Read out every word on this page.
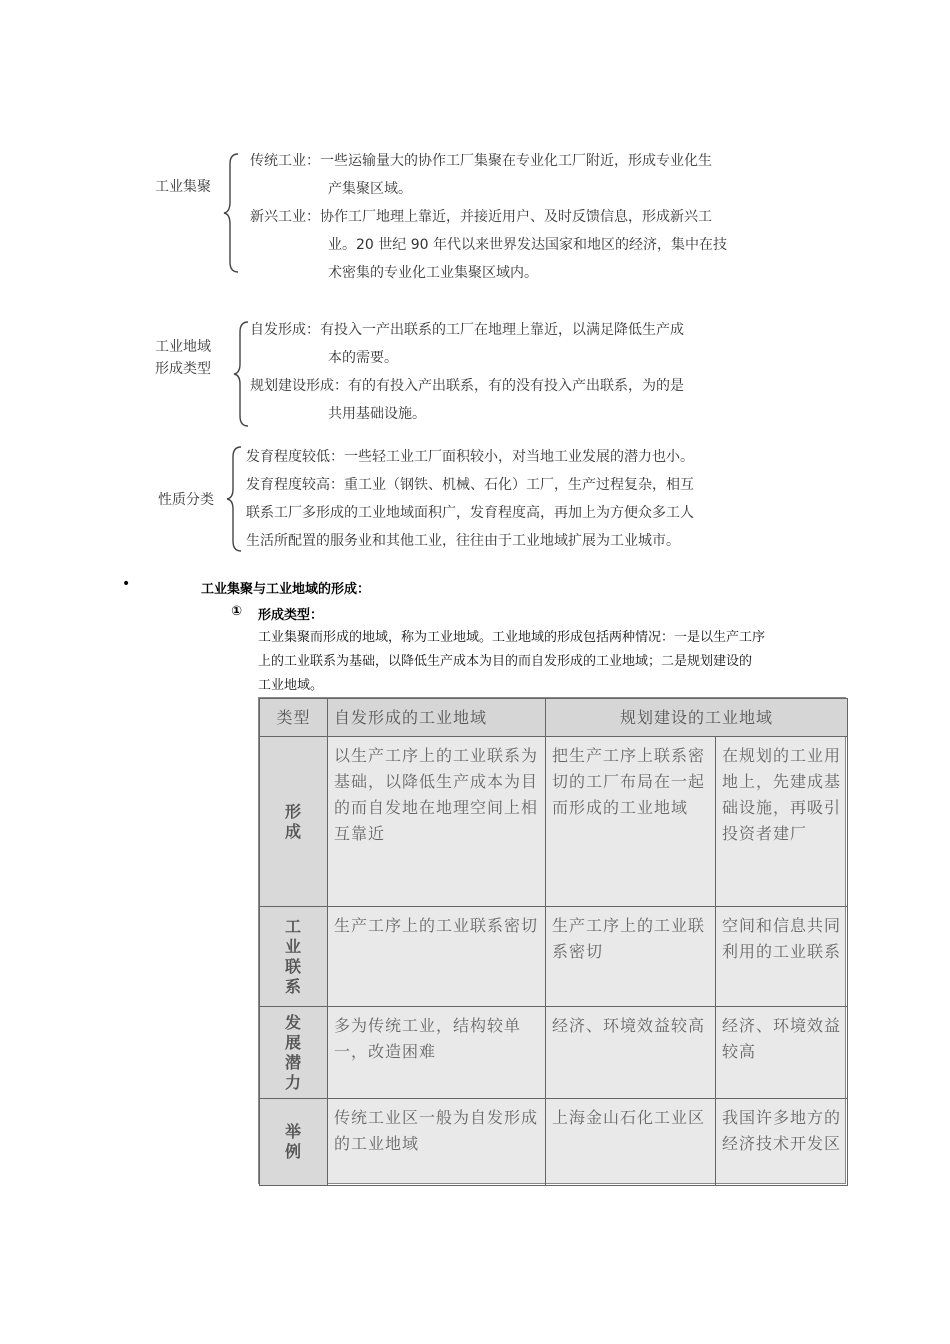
工业集聚
传统工业：一些运输量大的协作工厂集聚在专业化工厂附近，形成专业化生
产集聚区域。
新兴工业：协作工厂地理上靠近，并接近用户、及时反馈信息，形成新兴工
业。20 世纪 90 年代以来世界发达国家和地区的经济，集中在技
术密集的专业化工业集聚区域内。
工业地域
形成类型
自发形成：有投入一产出联系的工厂在地理上靠近，以满足降低生产成
本的需要。
规划建设形成：有的有投入产出联系，有的没有投入产出联系，为的是
共用基础设施。
性质分类
发育程度较低：一些轻工业工厂面积较小，对当地工业发展的潜力也小。
发育程度较高：重工业（钢铁、机械、石化）工厂，生产过程复杂，相互
联系工厂多形成的工业地域面积广，发育程度高，再加上为方便众多工人
生活所配置的服务业和其他工业，往往由于工业地域扩展为工业城市。
•	工业集聚与工业地域的形成：
① 形成类型：
工业集聚而形成的地域，称为工业地域。工业地域的形成包括两种情况：一是以生产工序
上的工业联系为基础，以降低生产成本为目的而自发形成的工业地域；二是规划建设的
工业地域。
类型	自发形成的工业地域	规划建设的工业地域	

形成	以生产工序上的工业联系为基础，以降低生产成本为目的而自发地在地理空间上相互靠近	把生产工序上联系密切的工厂布局在一起而形成的工业地域	在规划的工业用地上，先建成基础设施，再吸引投资者建厂

工业联系	生产工序上的工业联系密切	生产工序上的工业联系密切	空间和信息共同利用的工业联系

发展潜力	多为传统工业，结构较单一，改造困难	经济、环境效益较高	经济、环境效益较高

举例	传统工业区一般为自发形成的工业地域	上海金山石化工业区	我国许多地方的经济技术开发区
